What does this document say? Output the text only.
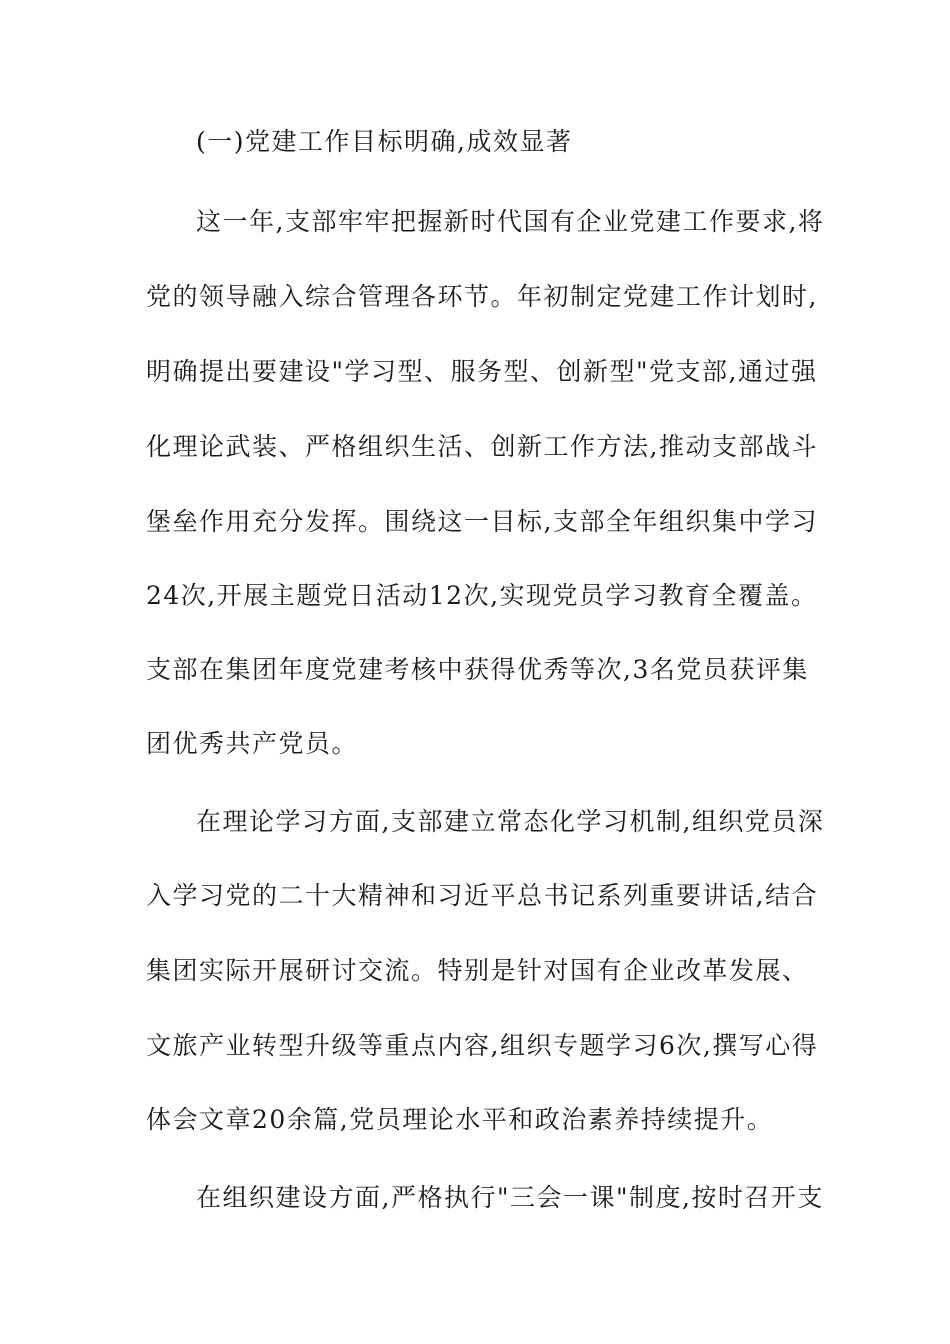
(一)党建工作目标明确,成效显著
这一年,支部牢牢把握新时代国有企业党建工作要求,将
党的领导融入综合管理各环节。年初制定党建工作计划时,
明确提出要建设"学习型、服务型、创新型"党支部,通过强
化理论武装、严格组织生活、创新工作方法,推动支部战斗
堡垒作用充分发挥。围绕这一目标,支部全年组织集中学习
24次,开展主题党日活动12次,实现党员学习教育全覆盖。
支部在集团年度党建考核中获得优秀等次,3名党员获评集
团优秀共产党员。
在理论学习方面,支部建立常态化学习机制,组织党员深
入学习党的二十大精神和习近平总书记系列重要讲话,结合
集团实际开展研讨交流。特别是针对国有企业改革发展、
文旅产业转型升级等重点内容,组织专题学习6次,撰写心得
体会文章20余篇,党员理论水平和政治素养持续提升。
在组织建设方面,严格执行"三会一课"制度,按时召开支
